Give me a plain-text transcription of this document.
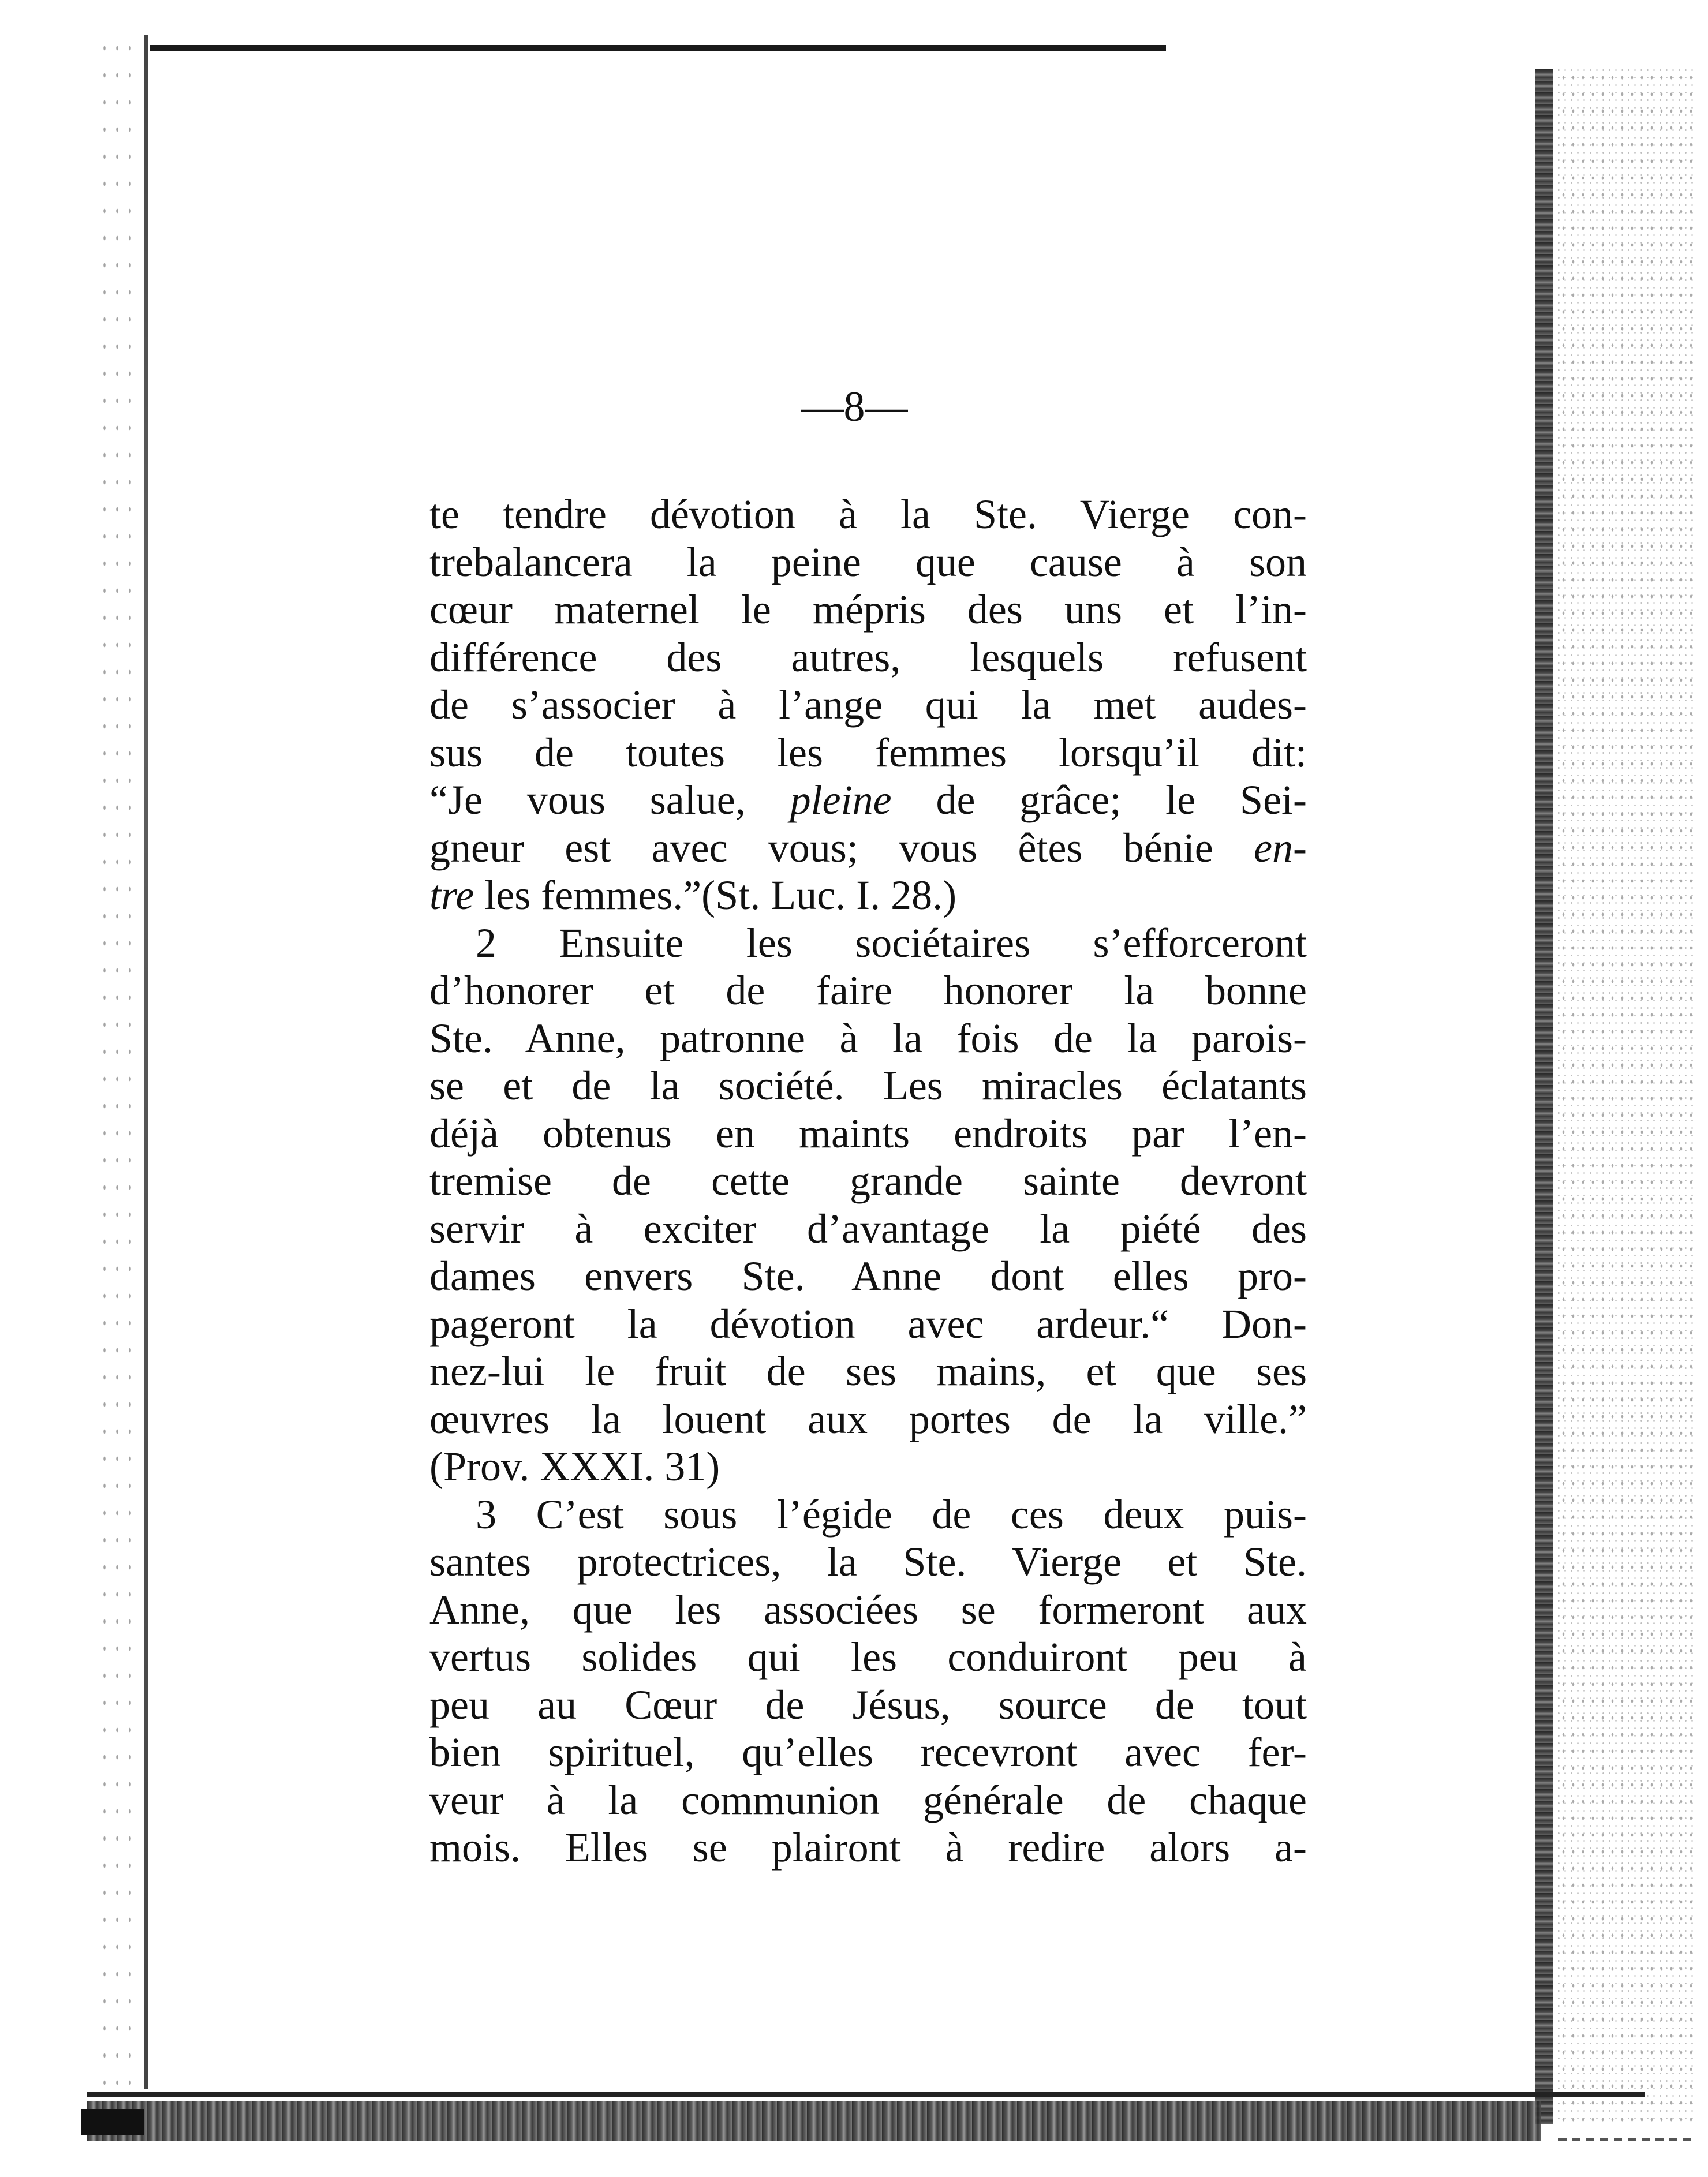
—8—
te tendre dévotion à la Ste. Vierge con-
trebalancera la peine que cause à son
cœur maternel le mépris des uns et l’in-
différence des autres, lesquels refusent
de s’associer à l’ange qui la met audes-
sus de toutes les femmes lorsqu’il dit:
“Je vous salue, pleine de grâce; le Sei-
gneur est avec vous; vous êtes bénie en-
tre les femmes.”(St. Luc. I. 28.)
2 Ensuite les sociétaires s’efforceront
d’honorer et de faire honorer la bonne
Ste. Anne, patronne à la fois de la parois-
se et de la société. Les miracles éclatants
déjà obtenus en maints endroits par l’en-
tremise de cette grande sainte devront
servir à exciter d’avantage la piété des
dames envers Ste. Anne dont elles pro-
pageront la dévotion avec ardeur.“ Don-
nez-lui le fruit de ses mains, et que ses
œuvres la louent aux portes de la ville.”
(Prov. XXXI. 31)
3 C’est sous l’égide de ces deux puis-
santes protectrices, la Ste. Vierge et Ste.
Anne, que les associées se formeront aux
vertus solides qui les conduiront peu à
peu au Cœur de Jésus, source de tout
bien spirituel, qu’elles recevront avec fer-
veur à la communion générale de chaque
mois. Elles se plairont à redire alors a-
